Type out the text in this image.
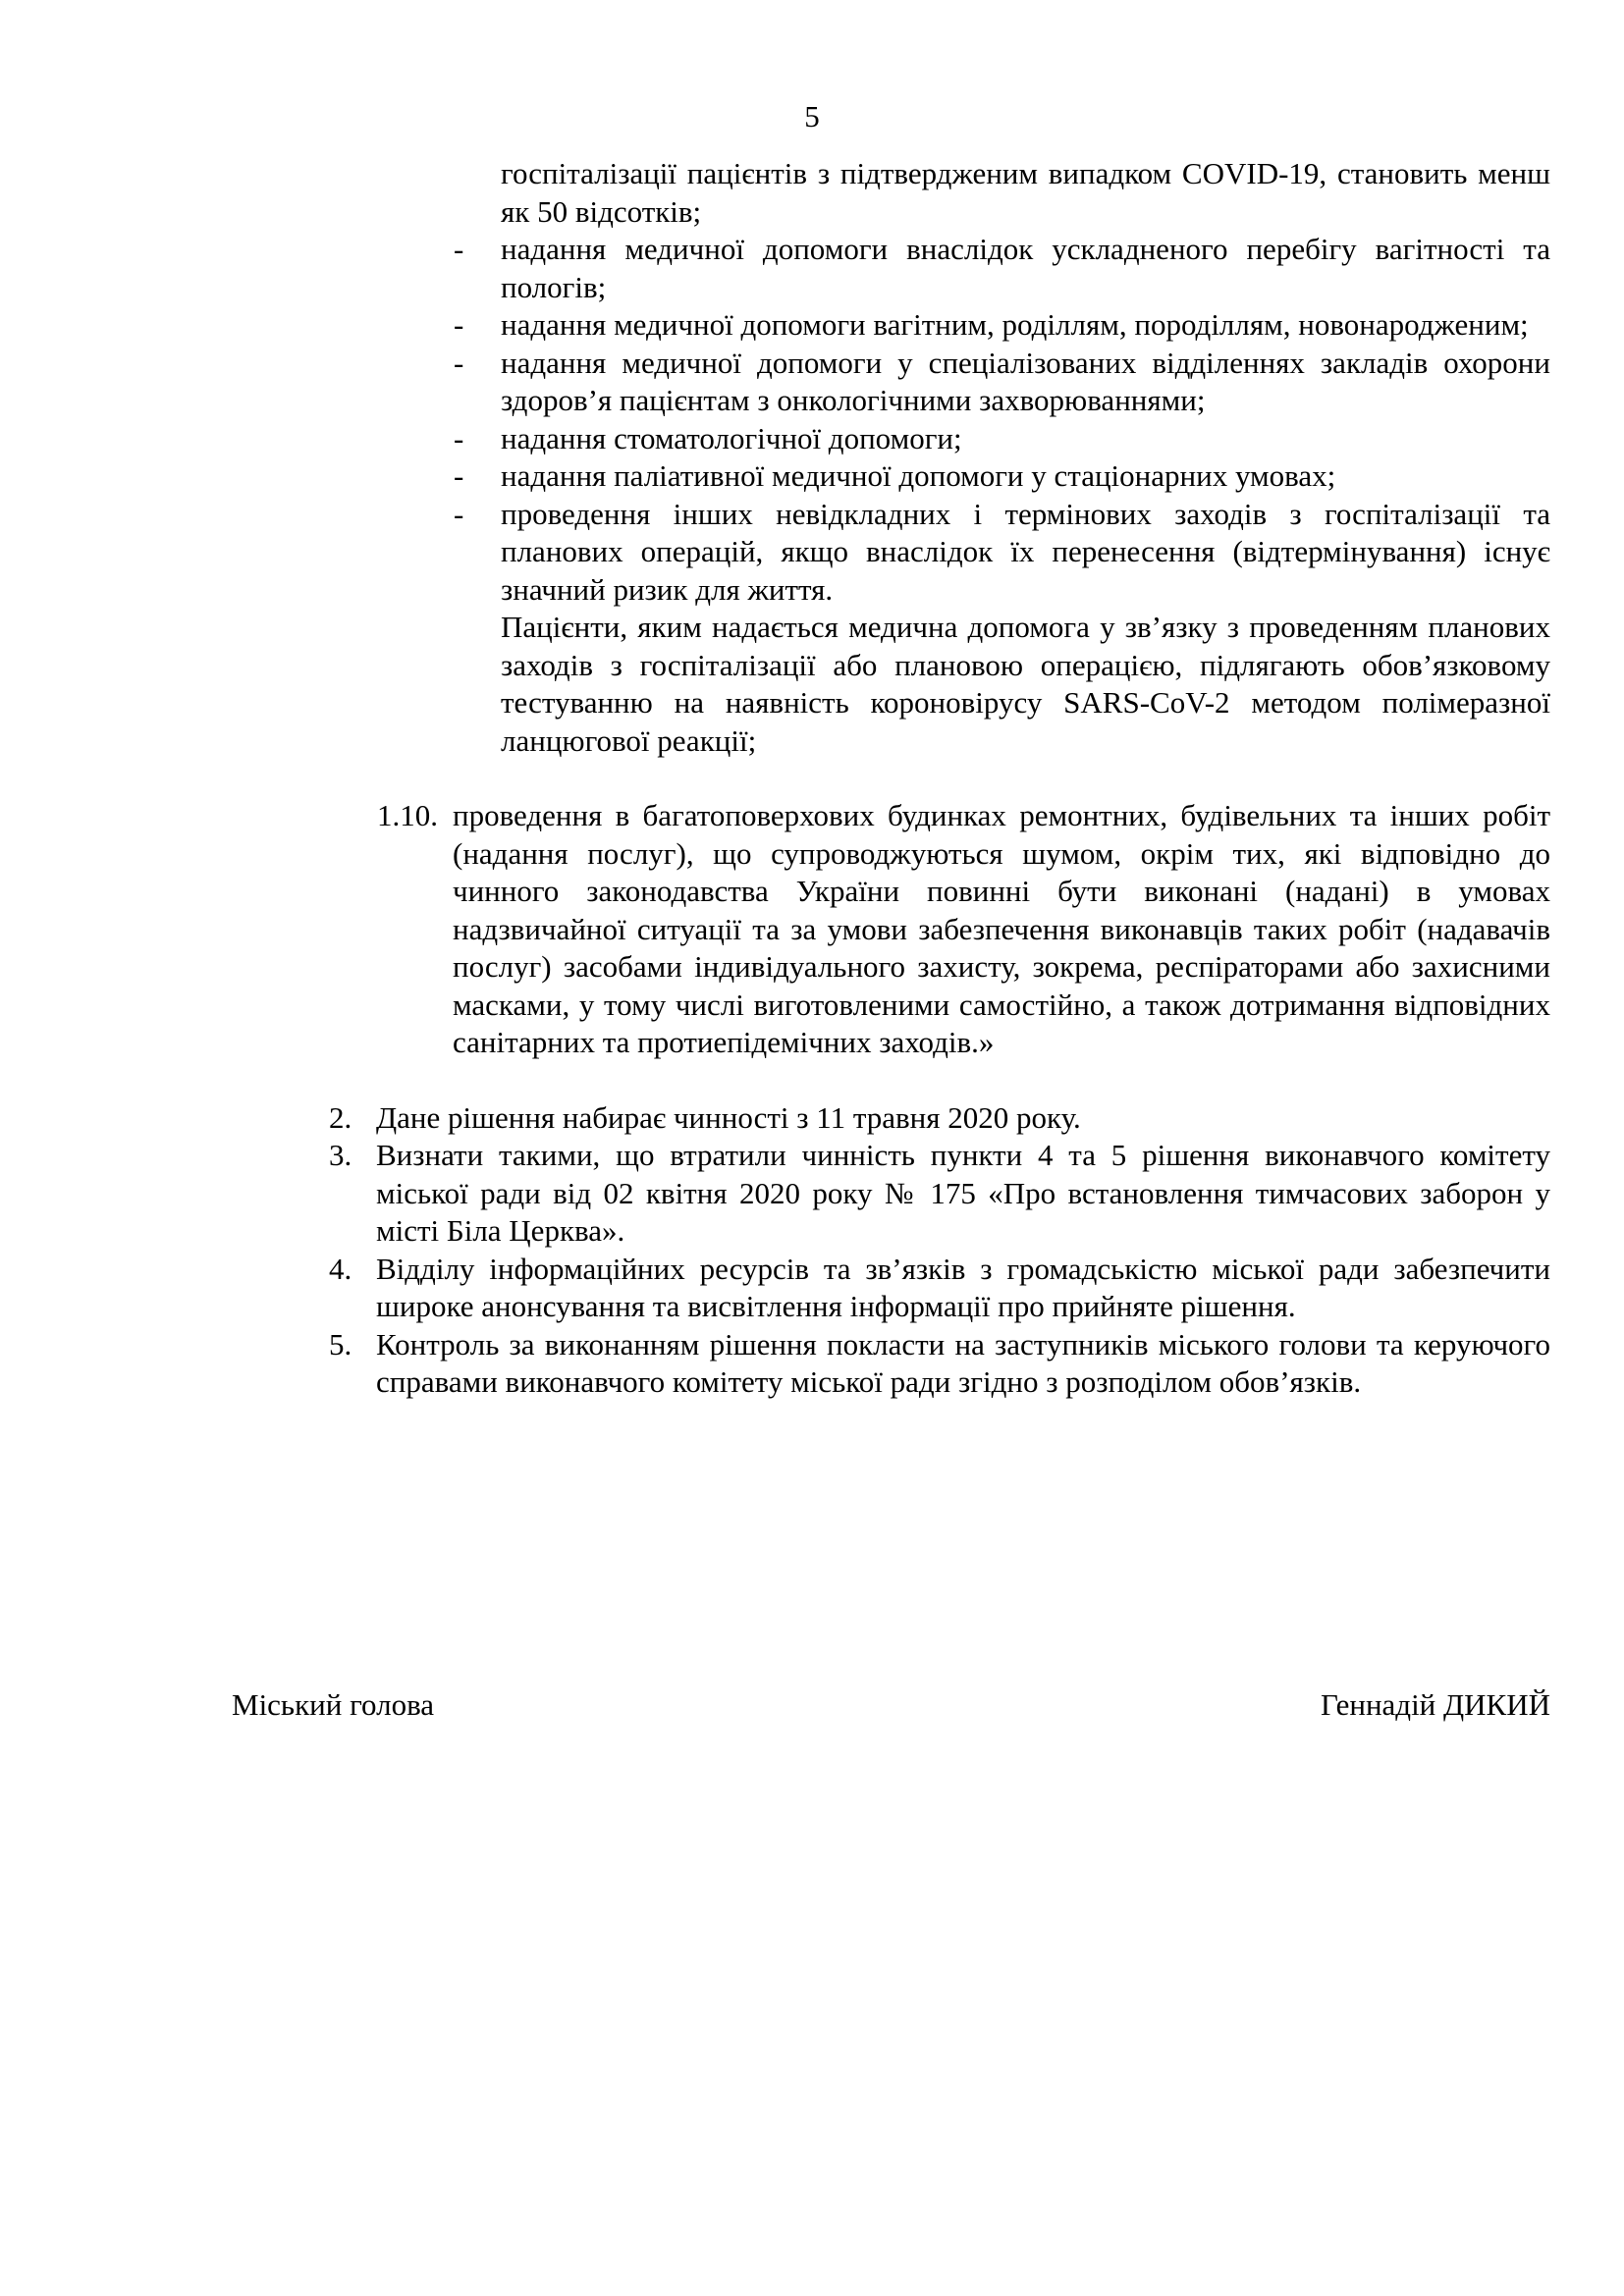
5
госпіталізації пацієнтів з підтвердженим випадком COVID-19, становить менш як 50 відсотків;
- надання медичної допомоги внаслідок ускладненого перебігу вагітності та пологів;
- надання медичної допомоги вагітним, роділлям, породіллям, новонародженим;
- надання медичної допомоги у спеціалізованих відділеннях закладів охорони здоров’я пацієнтам з онкологічними захворюваннями;
- надання стоматологічної допомоги;
- надання паліативної медичної допомоги у стаціонарних умовах;
- проведення інших невідкладних і термінових заходів з госпіталізації та планових операцій, якщо внаслідок їх перенесення (відтермінування) існує значний ризик для життя.
Пацієнти, яким надається медична допомога у зв’язку з проведенням планових заходів з госпіталізації або плановою операцією, підлягають обов’язковому тестуванню на наявність короновірусу SARS-CoV-2 методом полімеразної ланцюгової реакції;
1.10. проведення в багатоповерхових будинках ремонтних, будівельних та інших робіт (надання послуг), що супроводжуються шумом, окрім тих, які відповідно до чинного законодавства України повинні бути виконані (надані) в умовах надзвичайної ситуації та за умови забезпечення виконавців таких робіт (надавачів послуг) засобами індивідуального захисту, зокрема, респіраторами або захисними масками, у тому числі виготовленими самостійно, а також дотримання відповідних санітарних та протиепідемічних заходів.»
2. Дане рішення набирає чинності з 11 травня 2020 року.
3. Визнати такими, що втратили чинність пункти 4 та 5 рішення виконавчого комітету міської ради від 02 квітня 2020 року № 175 «Про встановлення тимчасових заборон у місті Біла Церква».
4. Відділу інформаційних ресурсів та зв’язків з громадськістю міської ради забезпечити широке анонсування та висвітлення інформації про прийняте рішення.
5. Контроль за виконанням рішення покласти на заступників міського голови та керуючого справами виконавчого комітету міської ради згідно з розподілом обов’язків.
Міський голова	Геннадій ДИКИЙ
